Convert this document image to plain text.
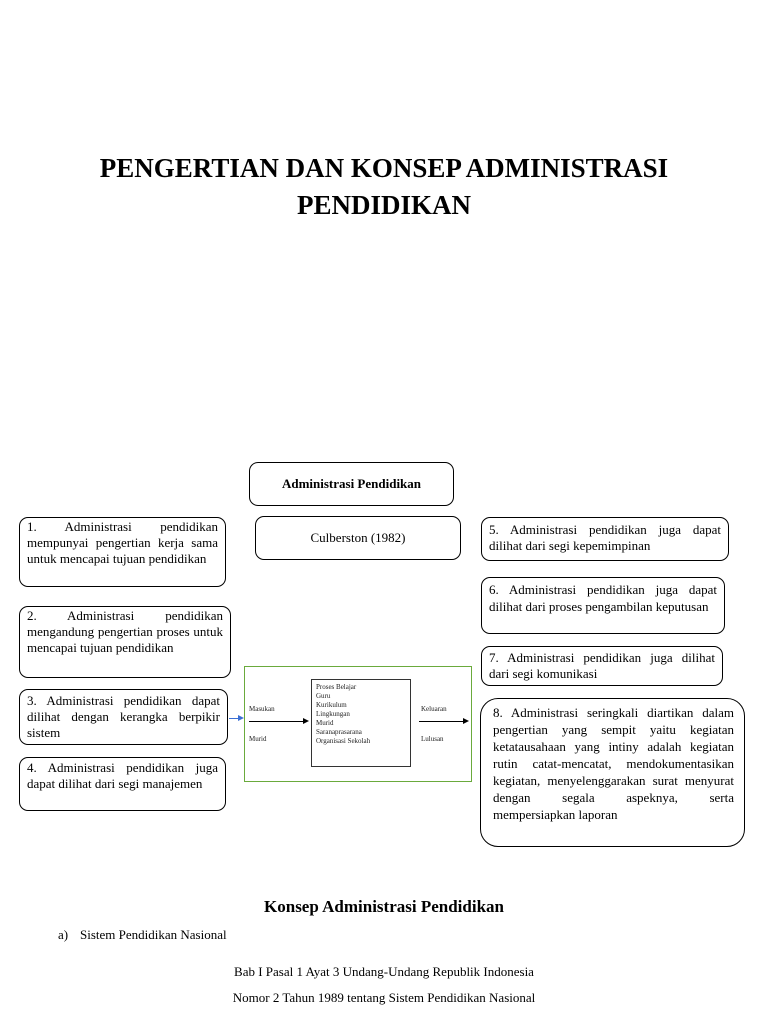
PENGERTIAN DAN KONSEP ADMINISTRASI
PENDIDIKAN
Administrasi Pendidikan
Culberston (1982)
1. Administrasi pendidikan mempunyai pengertian kerja sama untuk mencapai tujuan pendidikan
2. Administrasi pendidikan mengandung pengertian proses untuk mencapai tujuan pendidikan
3. Administrasi pendidikan dapat dilihat dengan kerangka berpikir sistem
4. Administrasi pendidikan juga dapat dilihat dari segi manajemen
Masukan
Murid
Proses Belajar
Guru
Kurikulum
Lingkungan
Murid
Saranaprasarana
Organisasi Sekolah
Keluaran
Lulusan
5. Administrasi pendidikan juga dapat dilihat dari segi kepemimpinan
6. Administrasi pendidikan juga dapat dilihat dari proses pengambilan keputusan
7. Administrasi pendidikan juga dilihat dari segi komunikasi
8. Administrasi seringkali diartikan dalam pengertian yang sempit yaitu kegiatan ketatausahaan yang intiny adalah kegiatan rutin catat-mencatat, mendokumentasikan kegiatan, menyelenggarakan surat menyurat dengan segala aspeknya, serta mempersiapkan laporan
Konsep Administrasi Pendidikan
a) Sistem Pendidikan Nasional
Bab I Pasal 1 Ayat 3 Undang-Undang Republik Indonesia
Nomor 2 Tahun 1989 tentang Sistem Pendidikan Nasional
